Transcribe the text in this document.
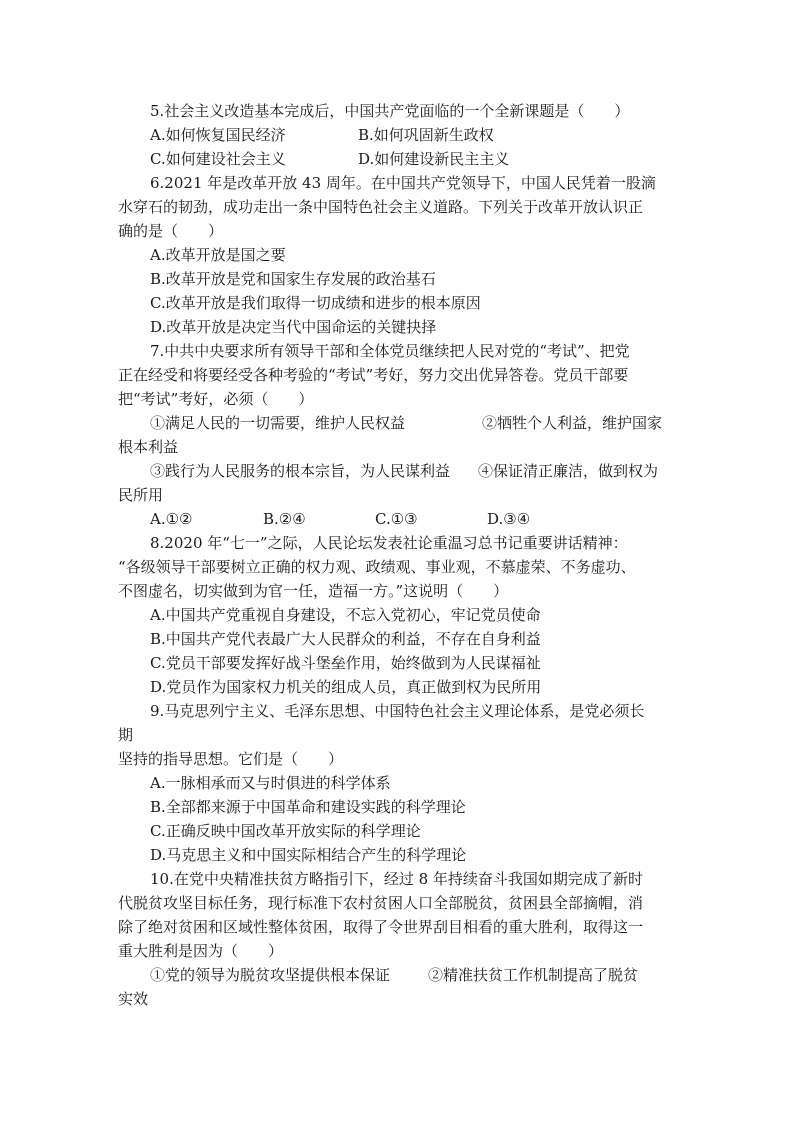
5.社会主义改造基本完成后，中国共产党面临的一个全新课题是（　　）
A.如何恢复国民经济	B.如何巩固新生政权
C.如何建设社会主义	D.如何建设新民主主义
6.2021 年是改革开放 43 周年。在中国共产党领导下，中国人民凭着一股滴
水穿石的韧劲，成功走出一条中国特色社会主义道路。下列关于改革开放认识正
确的是（　　）
A.改革开放是国之要
B.改革开放是党和国家生存发展的政治基石
C.改革开放是我们取得一切成绩和进步的根本原因
D.改革开放是决定当代中国命运的关键抉择
7.中共中央要求所有领导干部和全体党员继续把人民对党的“考试”、把党
正在经受和将要经受各种考验的“考试”考好，努力交出优异答卷。党员干部要
把“考试”考好，必须（　　）
①满足人民的一切需要，维护人民权益	②牺牲个人利益，维护国家
根本利益
③践行为人民服务的根本宗旨，为人民谋利益 ④保证清正廉洁，做到权为
民所用
A.①②	B.②④	C.①③	D.③④
8.2020 年“七一”之际，人民论坛发表社论重温习总书记重要讲话精神：
“各级领导干部要树立正确的权力观、政绩观、事业观，不慕虚荣、不务虚功、
不图虚名，切实做到为官一任，造福一方。”这说明（　　）
A.中国共产党重视自身建设，不忘入党初心，牢记党员使命
B.中国共产党代表最广大人民群众的利益，不存在自身利益
C.党员干部要发挥好战斗堡垒作用，始终做到为人民谋福祉
D.党员作为国家权力机关的组成人员，真正做到权为民所用
9.马克思列宁主义、毛泽东思想、中国特色社会主义理论体系，是党必须长
期
坚持的指导思想。它们是（　　）
A.一脉相承而又与时俱进的科学体系
B.全部都来源于中国革命和建设实践的科学理论
C.正确反映中国改革开放实际的科学理论
D.马克思主义和中国实际相结合产生的科学理论
10.在党中央精准扶贫方略指引下，经过 8 年持续奋斗我国如期完成了新时
代脱贫攻坚目标任务，现行标准下农村贫困人口全部脱贫，贫困县全部摘帽，消
除了绝对贫困和区域性整体贫困，取得了令世界刮目相看的重大胜利，取得这一
重大胜利是因为（　　）
①党的领导为脱贫攻坚提供根本保证	②精准扶贫工作机制提高了脱贫
实效
